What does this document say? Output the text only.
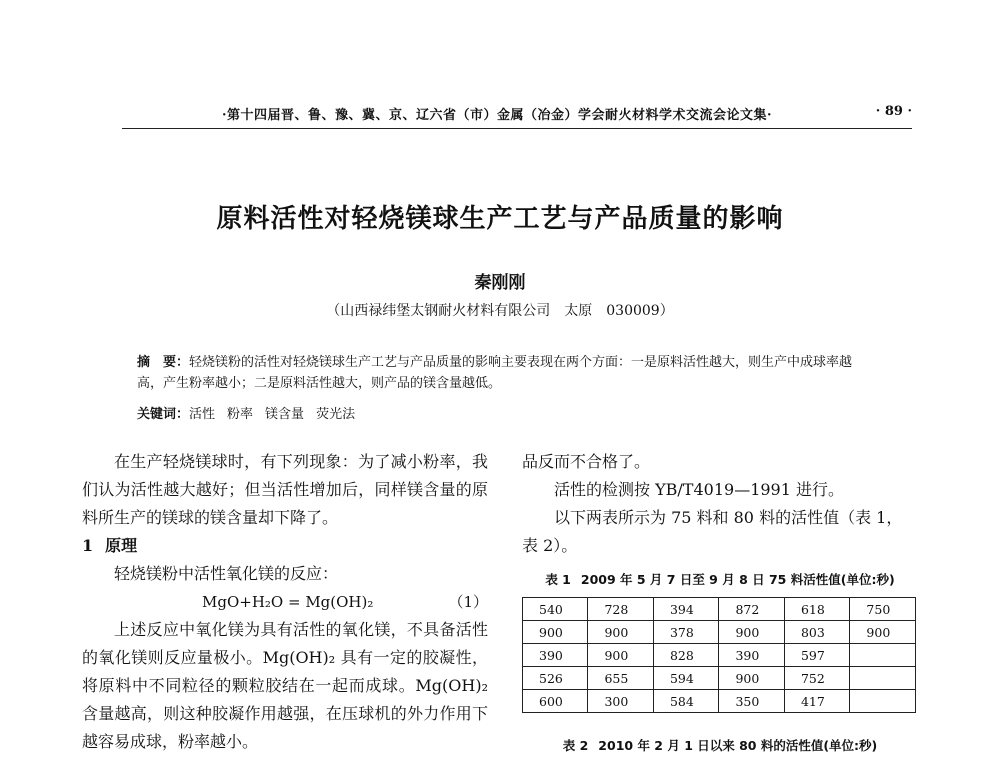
·第十四届晋、鲁、豫、冀、京、辽六省（市）金属（冶金）学会耐火材料学术交流会论文集·	· 89 ·
原料活性对轻烧镁球生产工艺与产品质量的影响
秦刚刚
（山西禄纬堡太钢耐火材料有限公司　太原　030009）
摘　要：轻烧镁粉的活性对轻烧镁球生产工艺与产品质量的影响主要表现在两个方面：一是原料活性越大，则生产中成球率越高，产生粉率越小；二是原料活性越大，则产品的镁含量越低。
关键词：活性 粉率 镁含量 荧光法

在生产轻烧镁球时，有下列现象：为了减小粉率，我们认为活性越大越好；但当活性增加后，同样镁含量的原料所生产的镁球的镁含量却下降了。

1 原理

轻烧镁粉中活性氧化镁的反应：

MgO+H₂O = Mg(OH)₂	（1）

上述反应中氧化镁为具有活性的氧化镁，不具备活性的氧化镁则反应量极小。Mg(OH)₂ 具有一定的胶凝性，将原料中不同粒径的颗粒胶结在一起而成球。Mg(OH)₂ 含量越高，则这种胶凝作用越强，在压球机的外力作用下越容易成球，粉率越小。

品反而不合格了。

活性的检测按 YB/T4019—1991 进行。

以下两表所示为 75 料和 80 料的活性值（表 1，表 2）。

表 1 2009 年 5 月 7 日至 9 月 8 日 75 料活性值(单位:秒)
540	728	394	872	618	750
900	900	378	900	803	900
390	900	828	390	597	
526	655	594	900	752	
600	300	584	350	417	
表 2 2010 年 2 月 1 日以来 80 料的活性值(单位:秒)
